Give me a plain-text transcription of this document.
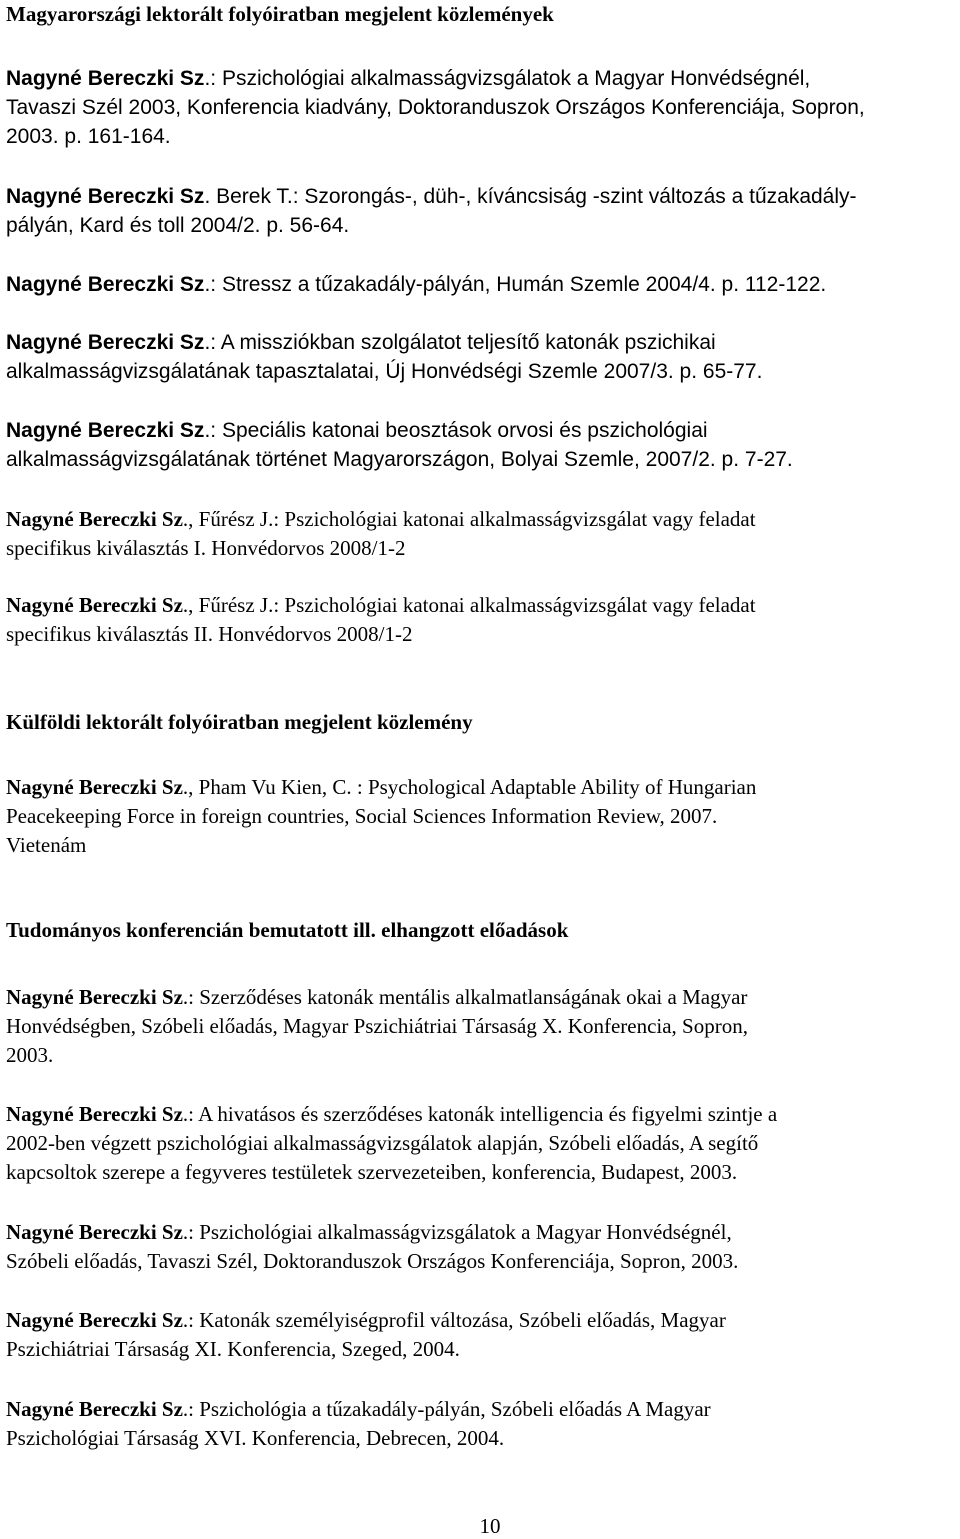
Magyarországi lektorált folyóiratban megjelent közlemények

Nagyné Bereczki Sz.: Pszichológiai alkalmasságvizsgálatok a Magyar Honvédségnél,
Tavaszi Szél 2003, Konferencia kiadvány, Doktoranduszok Országos Konferenciája, Sopron,
2003. p. 161-164.

Nagyné Bereczki Sz. Berek T.: Szorongás-, düh-, kíváncsiság -szint változás a tűzakadály-
pályán, Kard és toll 2004/2. p. 56-64.

Nagyné Bereczki Sz.: Stressz a tűzakadály-pályán, Humán Szemle 2004/4. p. 112-122.

Nagyné Bereczki Sz.: A missziókban szolgálatot teljesítő katonák pszichikai
alkalmasságvizsgálatának tapasztalatai, Új Honvédségi Szemle 2007/3. p. 65-77.

Nagyné Bereczki Sz.: Speciális katonai beosztások orvosi és pszichológiai
alkalmasságvizsgálatának történet Magyarországon, Bolyai Szemle, 2007/2. p. 7-27.

Nagyné Bereczki Sz., Fűrész J.: Pszichológiai katonai alkalmasságvizsgálat vagy feladat
specifikus kiválasztás I. Honvédorvos 2008/1-2

Nagyné Bereczki Sz., Fűrész J.: Pszichológiai katonai alkalmasságvizsgálat vagy feladat
specifikus kiválasztás II. Honvédorvos 2008/1-2

Külföldi lektorált folyóiratban megjelent közlemény

Nagyné Bereczki Sz., Pham Vu Kien, C. : Psychological Adaptable Ability of Hungarian
Peacekeeping Force in foreign countries, Social Sciences Information Review, 2007.
Vietenám

Tudományos konferencián bemutatott ill. elhangzott előadások

Nagyné Bereczki Sz.: Szerződéses katonák mentális alkalmatlanságának okai a Magyar
Honvédségben, Szóbeli előadás, Magyar Pszichiátriai Társaság X. Konferencia, Sopron,
2003.

Nagyné Bereczki Sz.: A hivatásos és szerződéses katonák intelligencia és figyelmi szintje a
2002-ben végzett pszichológiai alkalmasságvizsgálatok alapján, Szóbeli előadás, A segítő
kapcsoltok szerepe a fegyveres testületek szervezeteiben, konferencia, Budapest, 2003.

Nagyné Bereczki Sz.: Pszichológiai alkalmasságvizsgálatok a Magyar Honvédségnél,
Szóbeli előadás, Tavaszi Szél, Doktoranduszok Országos Konferenciája, Sopron, 2003.

Nagyné Bereczki Sz.: Katonák személyiségprofil változása, Szóbeli előadás, Magyar
Pszichiátriai Társaság XI. Konferencia, Szeged, 2004.

Nagyné Bereczki Sz.: Pszichológia a tűzakadály-pályán, Szóbeli előadás A Magyar
Pszichológiai Társaság XVI. Konferencia, Debrecen, 2004.

10
